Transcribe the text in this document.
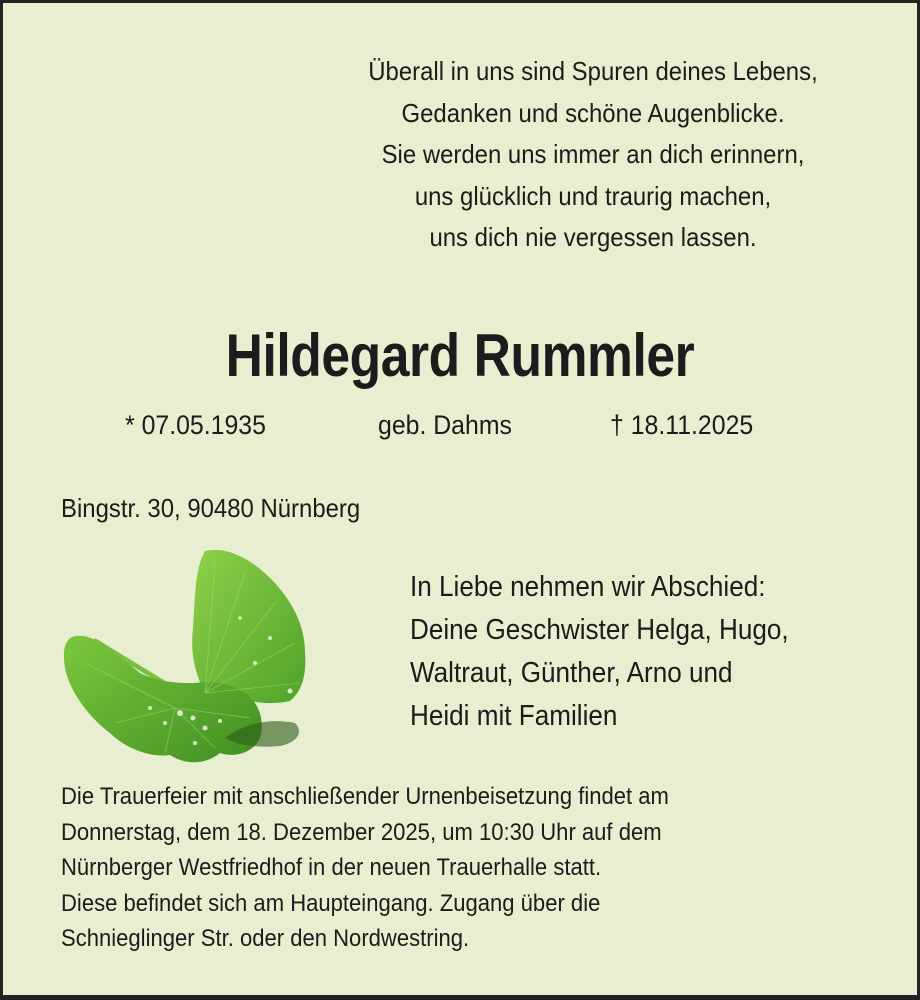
Überall in uns sind Spuren deines Lebens,
Gedanken und schöne Augenblicke.
Sie werden uns immer an dich erinnern,
uns glücklich und traurig machen,
uns dich nie vergessen lassen.
Hildegard Rummler
* 07.05.1935	geb. Dahms	† 18.11.2025
Bingstr. 30, 90480 Nürnberg
In Liebe nehmen wir Abschied:
Deine Geschwister Helga, Hugo,
Waltraut, Günther, Arno und
Heidi mit Familien
Die Trauerfeier mit anschließender Urnenbeisetzung findet am
Donnerstag, dem 18. Dezember 2025, um 10:30 Uhr auf dem
Nürnberger Westfriedhof in der neuen Trauerhalle statt.
Diese befindet sich am Haupteingang. Zugang über die
Schnieglinger Str. oder den Nordwestring.
